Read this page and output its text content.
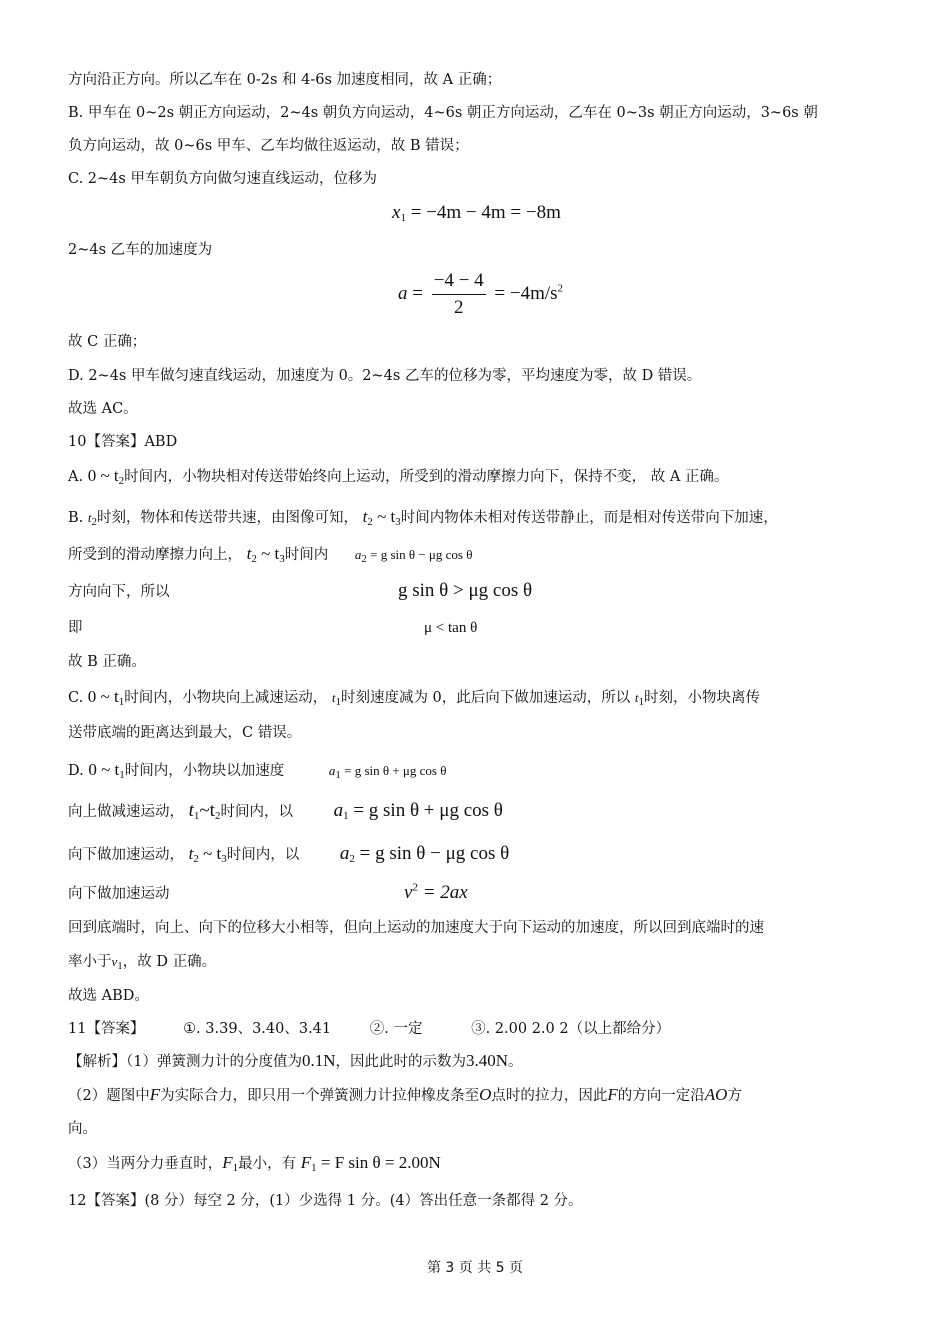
方向沿正方向。所以乙车在 0-2s 和 4-6s 加速度相同，故 A 正确；
B. 甲车在 0~2s 朝正方向运动，2~4s 朝负方向运动，4~6s 朝正方向运动，乙车在 0~3s 朝正方向运动，3~6s 朝
负方向运动，故 0~6s 甲车、乙车均做往返运动，故 B 错误；
C. 2~4s 甲车朝负方向做匀速直线运动，位移为
$x_1 = -4m - 4m = -8m$
2~4s 乙车的加速度为
$a = \frac{-4 - 4}{2} = -4m/s^2$
故 C 正确；
D. 2~4s 甲车做匀速直线运动，加速度为 0。2~4s 乙车的位移为零，平均速度为零，故 D 错误。
故选 AC。
10【答案】ABD
A. 0 ~ $t_2$时间内，小物块相对传送带始终向上运动，所受到的滑动摩擦力向下，保持不变， 故 A 正确。
B. $t_2$时刻，物体和传送带共速，由图像可知， $t_2$ ~ $t_3$时间内物体未相对传送带静止，而是相对传送带向下加速，
所受到的滑动摩擦力向上， $t_2$ ~ $t_3$时间内 $a_2 = g$ sin θ − μg cos θ
方向向下，所以	g sin θ > μg cos θ
即	μ < tan θ
故 B 正确。
C. 0 ~ $t_1$时间内，小物块向上减速运动， $t_1$时刻速度减为 0，此后向下做加速运动，所以 $t_1$时刻，小物块离传
送带底端的距离达到最大，C 错误。
D. 0 ~ $t_1$时间内，小物块以加速度	$a_1 = g$ sin θ + μg cos θ
向上做减速运动， $t_1\sim t_2$时间内，以 $a_1 = g$ sin θ + μg cos θ
向下做加速运动， $t_2$ ~ $t_3$时间内，以 $a_2 = g$ sin θ − μg cos θ
向下做加速运动	$v^2 = 2ax$
回到底端时，向上、向下的位移大小相等，但向上运动的加速度大于向下运动的加速度，所以回到底端时的速
率小于$v_1$，故 D 正确。
故选 ABD。
11【答案】	①. 3.39、3.40、3.41	②. 一定	③. 2.00 2.0 2（以上都给分）
【解析】（1）弹簧测力计的分度值为0.1N，因此此时的示数为3.40N。
（2）题图中F为实际合力，即只用一个弹簧测力计拉伸橡皮条至O点时的拉力，因此F的方向一定沿AO方
向。
（3）当两分力垂直时，$F_1$最小，有 $F_1 = F$ sin θ = 2.00N
12【答案】(8 分）每空 2 分，(1）少选得 1 分。(4）答出任意一条都得 2 分。
第 3 页 共 5 页
